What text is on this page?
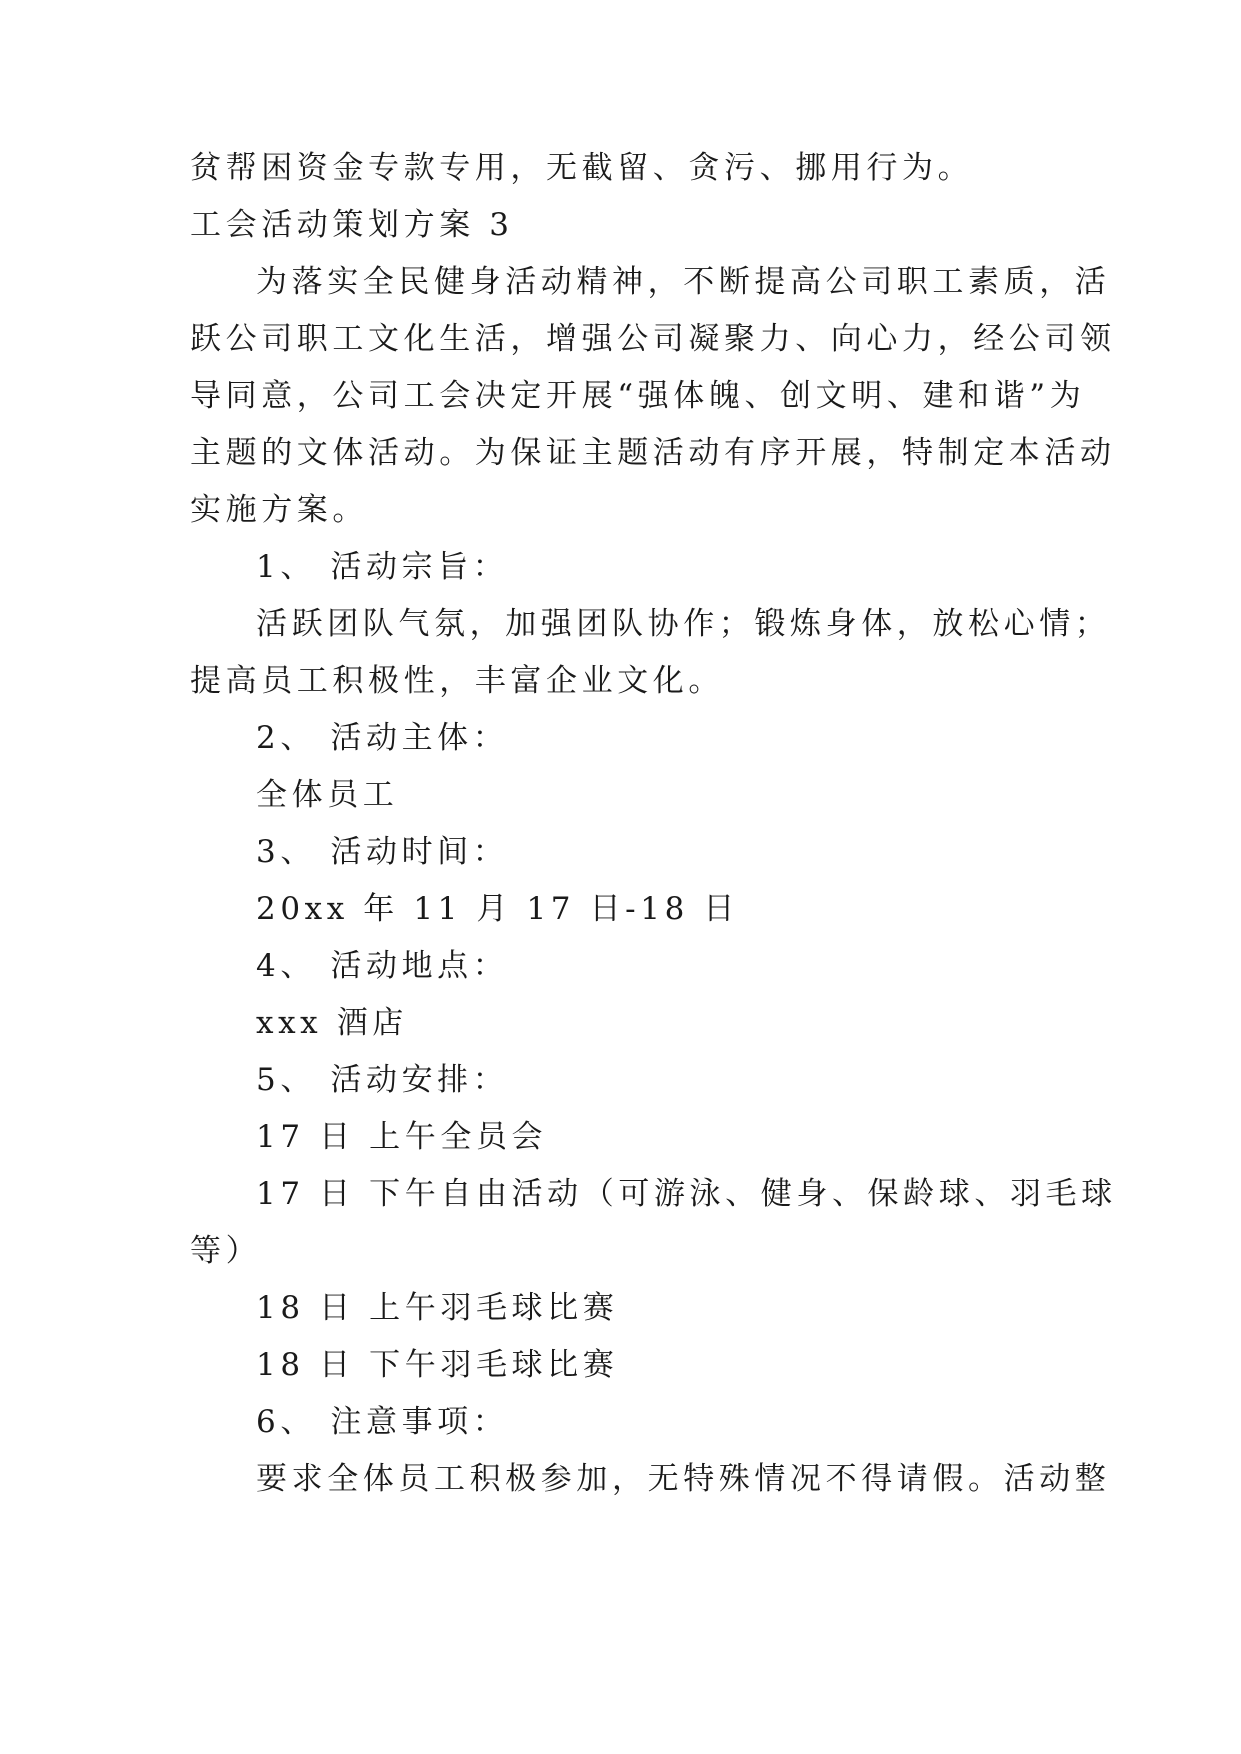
贫帮困资金专款专用，无截留、贪污、挪用行为。
工会活动策划方案 3
为落实全民健身活动精神，不断提高公司职工素质，活
跃公司职工文化生活，增强公司凝聚力、向心力，经公司领
导同意，公司工会决定开展“强体魄、创文明、建和谐”为
主题的文体活动。为保证主题活动有序开展，特制定本活动
实施方案。
1、 活动宗旨：
活跃团队气氛，加强团队协作；锻炼身体，放松心情；
提高员工积极性，丰富企业文化。
2、 活动主体：
全体员工
3、 活动时间：
20xx 年 11 月 17 日-18 日
4、 活动地点：
xxx 酒店
5、 活动安排：
17 日 上午全员会
17 日 下午自由活动（可游泳、健身、保龄球、羽毛球
等）
18 日 上午羽毛球比赛
18 日 下午羽毛球比赛
6、 注意事项：
要求全体员工积极参加，无特殊情况不得请假。活动整
